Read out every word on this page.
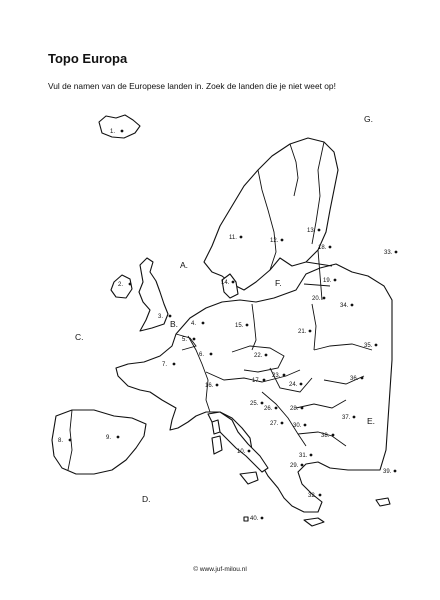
Topo Europa
Vul de namen van de Europese landen in. Zoek de landen die je niet weet op!
1.
2.
3.
4.
5.
6.
7.
8.	9.
10.
11.	12.
13.
14.
15.
16.
17.
18.
19.
20.
21.
22.
23.
24.
25.
26.
27.
28.
29.
30.
31.
32.
33.
34.
35.
36.
37.
38.
39.
40.
A.
B.
C.
D.
E.
F.
G.
© www.juf-milou.nl
